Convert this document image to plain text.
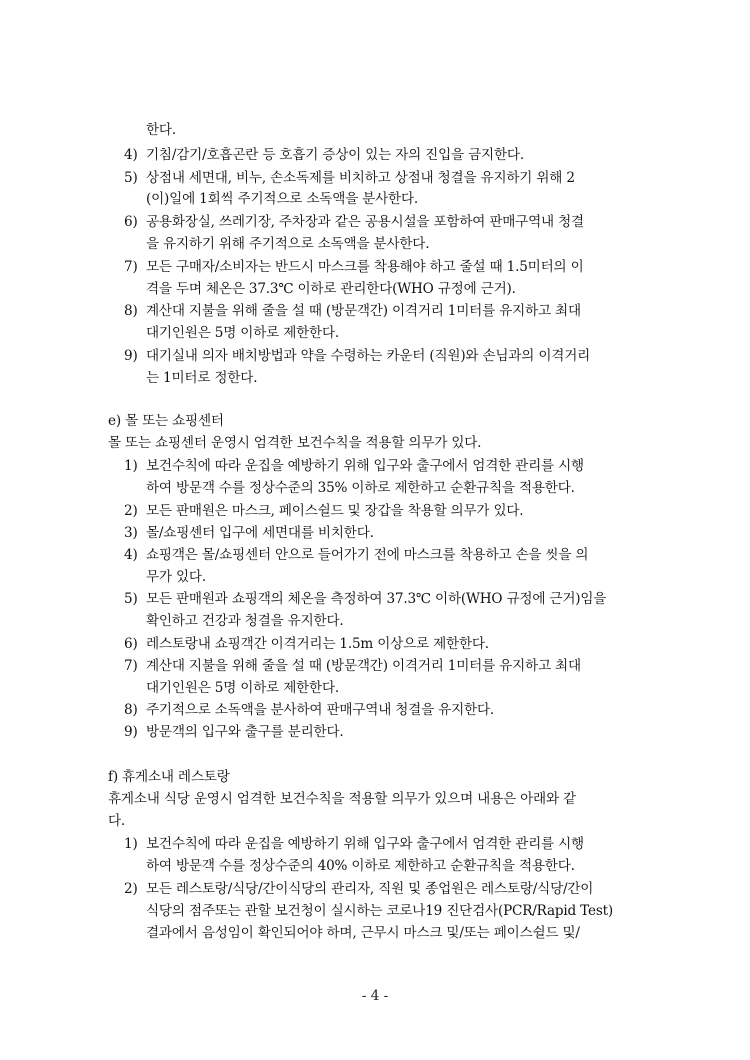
한다.
4) 기침/감기/호흡곤란 등 호흡기 증상이 있는 자의 진입을 금지한다.
5) 상점내 세면대, 비누, 손소독제를 비치하고 상점내 청결을 유지하기 위해 2
(이)일에 1회씩 주기적으로 소독액을 분사한다.
6) 공용화장실, 쓰레기장, 주차장과 같은 공용시설을 포함하여 판매구역내 청결
을 유지하기 위해 주기적으로 소독액을 분사한다.
7) 모든 구매자/소비자는 반드시 마스크를 착용해야 하고 줄설 때 1.5미터의 이
격을 두며 체온은 37.3℃ 이하로 관리한다(WHO 규정에 근거).
8) 계산대 지불을 위해 줄을 설 때 (방문객간) 이격거리 1미터를 유지하고 최대
대기인원은 5명 이하로 제한한다.
9) 대기실내 의자 배치방법과 약을 수령하는 카운터 (직원)와 손님과의 이격거리
는 1미터로 정한다.
e) 몰 또는 쇼핑센터
몰 또는 쇼핑센터 운영시 엄격한 보건수칙을 적용할 의무가 있다.
1) 보건수칙에 따라 운집을 예방하기 위해 입구와 출구에서 엄격한 관리를 시행
하여 방문객 수를 정상수준의 35% 이하로 제한하고 순환규칙을 적용한다.
2) 모든 판매원은 마스크, 페이스쉴드 및 장갑을 착용할 의무가 있다.
3) 몰/쇼핑센터 입구에 세면대를 비치한다.
4) 쇼핑객은 몰/쇼핑센터 안으로 들어가기 전에 마스크를 착용하고 손을 씻을 의
무가 있다.
5) 모든 판매원과 쇼핑객의 체온을 측정하여 37.3℃ 이하(WHO 규정에 근거)임을
확인하고 건강과 청결을 유지한다.
6) 레스토랑내 쇼핑객간 이격거리는 1.5m 이상으로 제한한다.
7) 계산대 지불을 위해 줄을 설 때 (방문객간) 이격거리 1미터를 유지하고 최대
대기인원은 5명 이하로 제한한다.
8) 주기적으로 소독액을 분사하여 판매구역내 청결을 유지한다.
9) 방문객의 입구와 출구를 분리한다.
f) 휴게소내 레스토랑
휴게소내 식당 운영시 엄격한 보건수칙을 적용할 의무가 있으며 내용은 아래와 같
다.
1) 보건수칙에 따라 운집을 예방하기 위해 입구와 출구에서 엄격한 관리를 시행
하여 방문객 수를 정상수준의 40% 이하로 제한하고 순환규칙을 적용한다.
2) 모든 레스토랑/식당/간이식당의 관리자, 직원 및 종업원은 레스토랑/식당/간이
식당의 점주또는 관할 보건청이 실시하는 코로나19 진단검사(PCR/Rapid Test)
결과에서 음성임이 확인되어야 하며, 근무시 마스크 및/또는 페이스쉴드 및/
- 4 -
